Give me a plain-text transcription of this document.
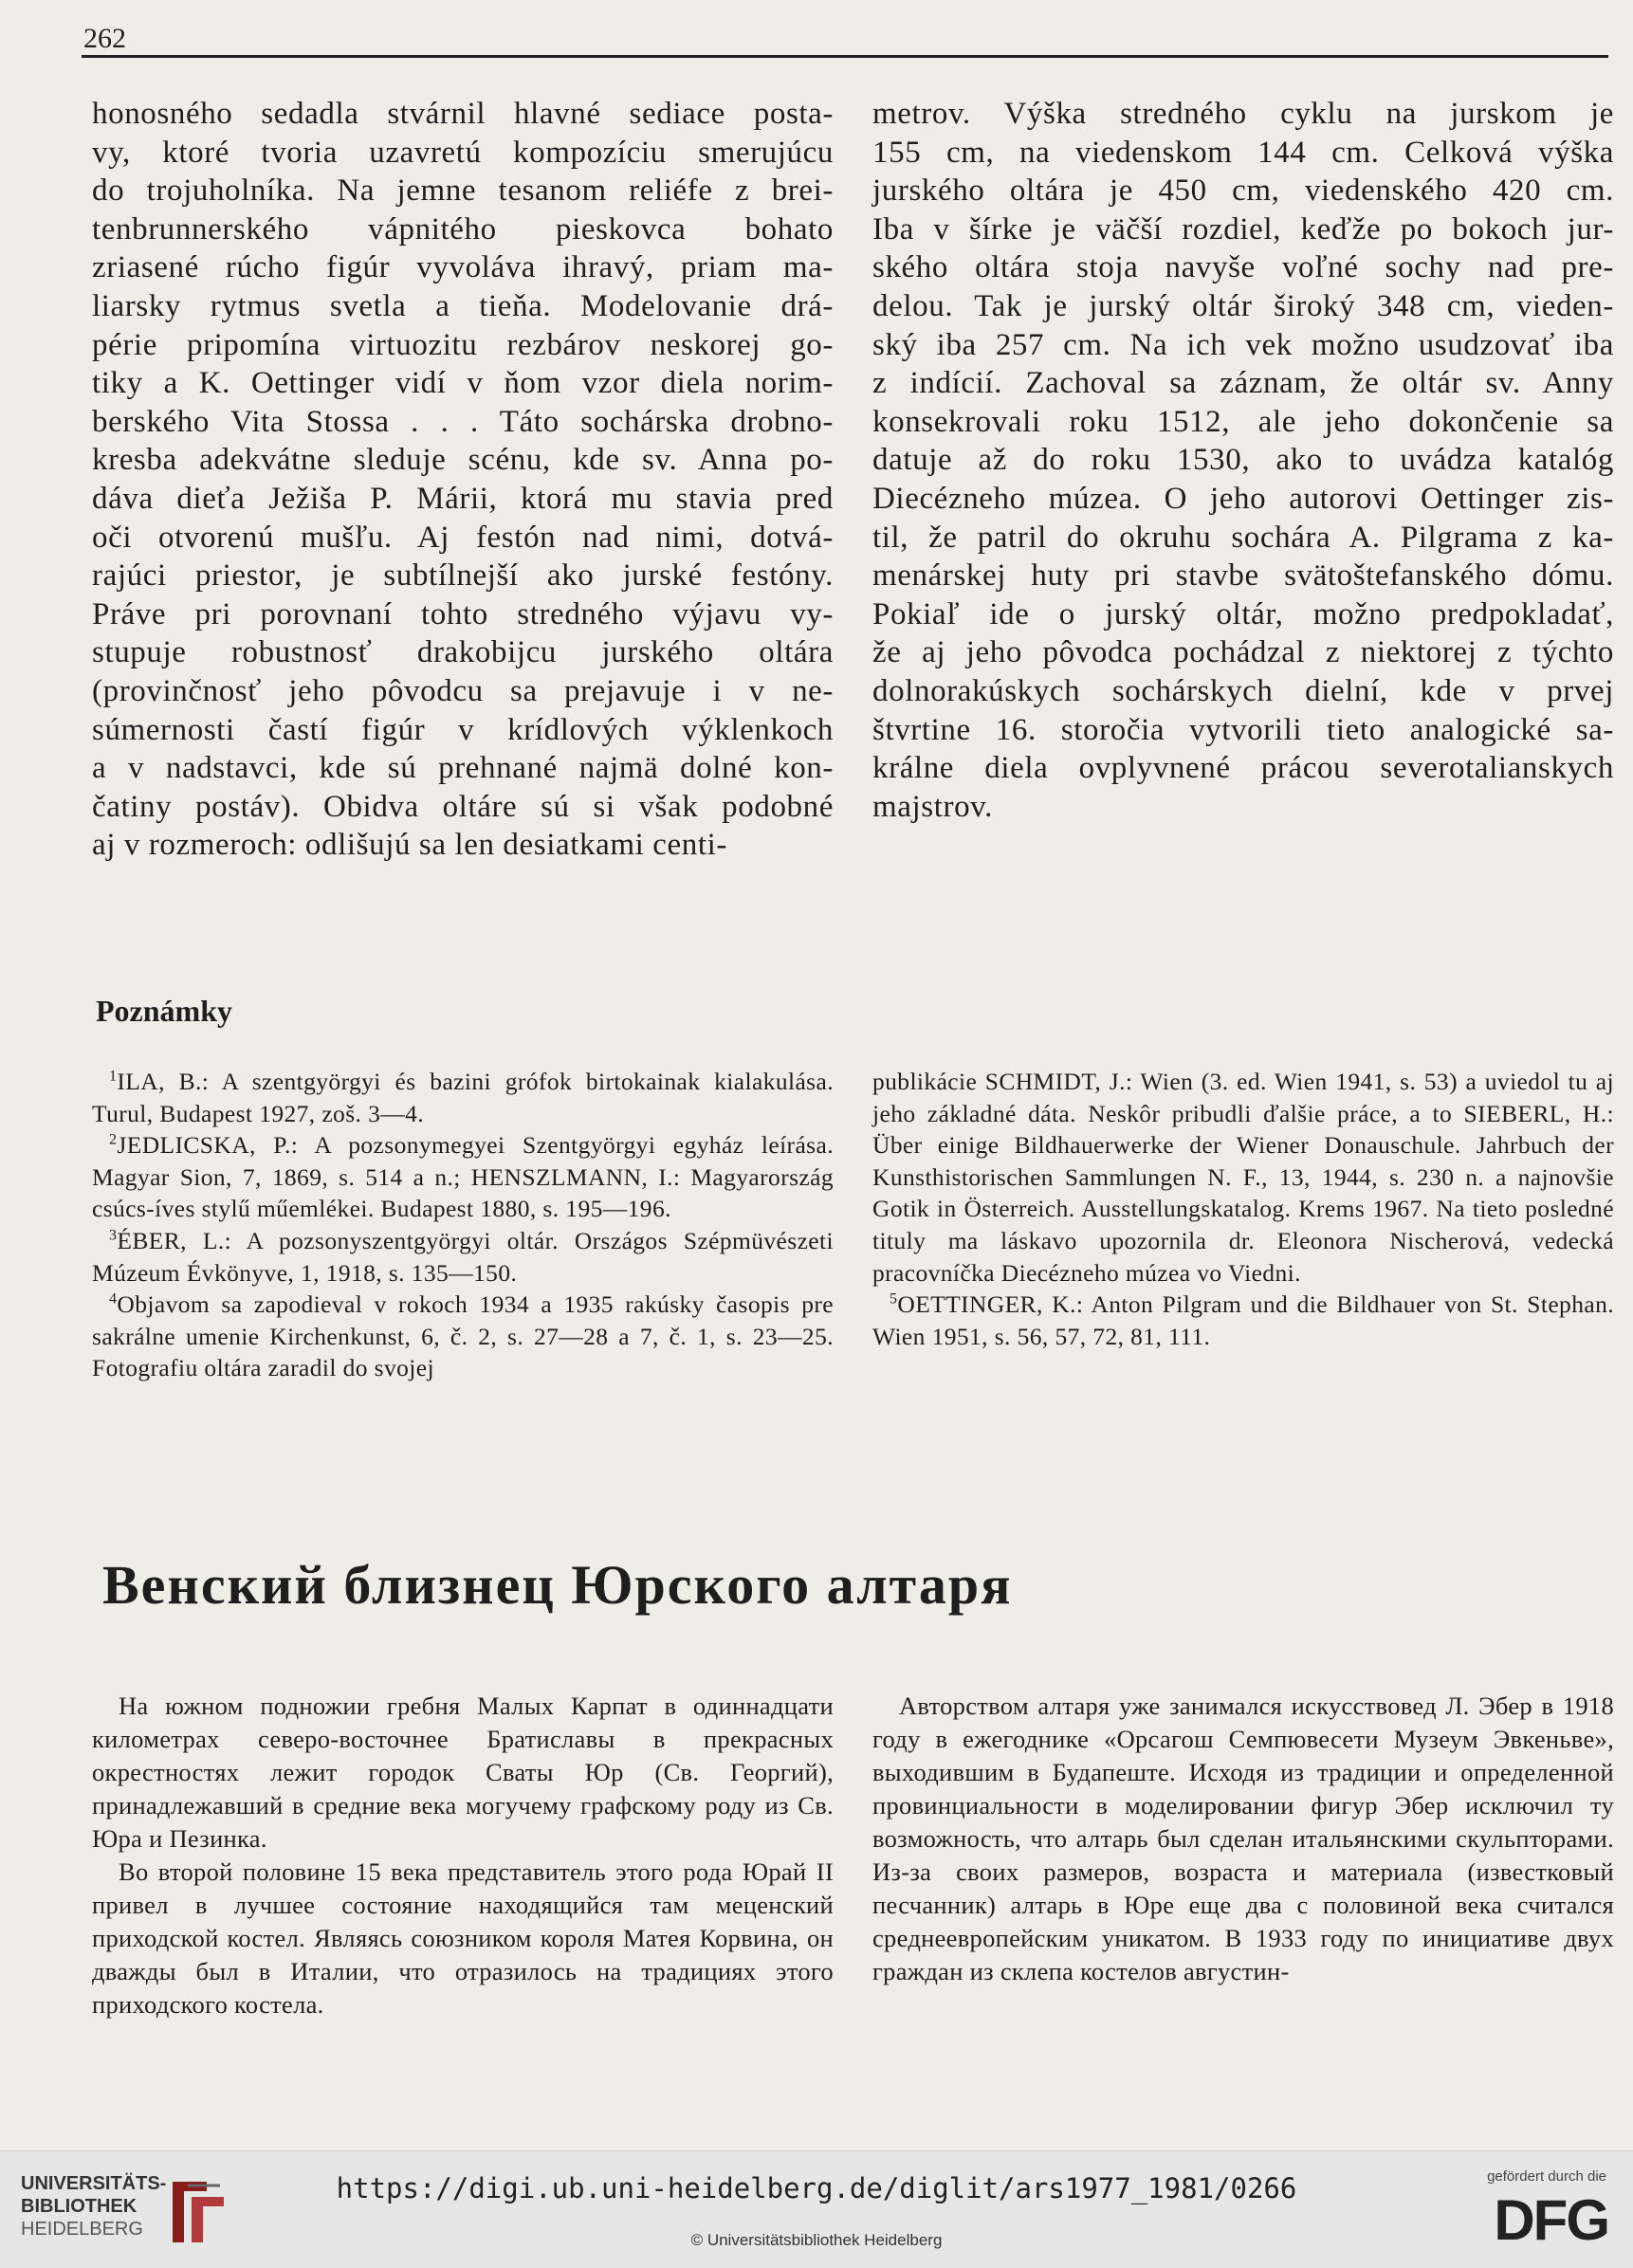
262

honosného sedadla stvárnil hlavné sediace posta-

vy, ktoré tvoria uzavretú kompozíciu smerujúcu

do trojuholníka. Na jemne tesanom reliéfe z brei-

tenbrunnerského vápnitého pieskovca bohato

zriasené rúcho figúr vyvoláva ihravý, priam ma-

liarsky rytmus svetla a tieňa. Modelovanie drá-

périe pripomína virtuozitu rezbárov neskorej go-

tiky a K. Oettinger vidí v ňom vzor diela norim-

berského Vita Stossa . . . Táto sochárska drobno-

kresba adekvátne sleduje scénu, kde sv. Anna po-

dáva dieťa Ježiša P. Márii, ktorá mu stavia pred

oči otvorenú mušľu. Aj festón nad nimi, dotvá-

rajúci priestor, je subtílnejší ako jurské festóny.

Práve pri porovnaní tohto stredného výjavu vy-

stupuje robustnosť drakobijcu jurského oltára

(provinčnosť jeho pôvodcu sa prejavuje i v ne-

súmernosti častí figúr v krídlových výklenkoch

a v nadstavci, kde sú prehnané najmä dolné kon-

čatiny postáv). Obidva oltáre sú si však podobné

aj v rozmeroch: odlišujú sa len desiatkami centi-

metrov. Výška stredného cyklu na jurskom je

155 cm, na viedenskom 144 cm. Celková výška

jurského oltára je 450 cm, viedenského 420 cm.

Iba v šírke je väčší rozdiel, keďže po bokoch jur-

ského oltára stoja navyše voľné sochy nad pre-

delou. Tak je jurský oltár široký 348 cm, vieden-

ský iba 257 cm. Na ich vek možno usudzovať iba

z indícií. Zachoval sa záznam, že oltár sv. Anny

konsekrovali roku 1512, ale jeho dokončenie sa

datuje až do roku 1530, ako to uvádza katalóg

Diecézneho múzea. O jeho autorovi Oettinger zis-

til, že patril do okruhu sochára A. Pilgrama z ka-

menárskej huty pri stavbe svätoštefanského dómu.

Pokiaľ ide o jurský oltár, možno predpokladať,

že aj jeho pôvodca pochádzal z niektorej z týchto

dolnorakúskych sochárskych dielní, kde v prvej

štvrtine 16. storočia vytvorili tieto analogické sa-

králne diela ovplyvnené prácou severotalianskych

majstrov.

Poznámky

$^1$ILA, B.: A szentgyörgyi és bazini grófok birtokainak kialakulása. Turul, Budapest 1927, zoš. 3—4.

$^2$JEDLICSKA, P.: A pozsonymegyei Szentgyörgyi egyház leírása. Magyar Sion, 7, 1869, s. 514 a n.; HENSZLMANN, I.: Magyarország csúcs-íves stylű műemlékei. Budapest 1880, s. 195—196.

$^3$ÉBER, L.: A pozsonyszentgyörgyi oltár. Országos Szépmüvészeti Múzeum Évkönyve, 1, 1918, s. 135—150.

$^4$Objavom sa zapodieval v rokoch 1934 a 1935 rakúsky časopis pre sakrálne umenie Kirchenkunst, 6, č. 2, s. 27—28 a 7, č. 1, s. 23—25. Fotografiu oltára zaradil do svojej

publikácie SCHMIDT, J.: Wien (3. ed. Wien 1941, s. 53) a uviedol tu aj jeho základné dáta. Neskôr pribudli ďalšie práce, a to SIEBERL, H.: Über einige Bildhauerwerke der Wiener Donauschule. Jahrbuch der Kunsthistorischen Sammlungen N. F., 13, 1944, s. 230 n. a najnovšie Gotik in Österreich. Ausstellungskatalog. Krems 1967. Na tieto posledné tituly ma láskavo upozornila dr. Eleonora Nischerová, vedecká pracovníčka Diecézneho múzea vo Viedni.

$^5$OETTINGER, K.: Anton Pilgram und die Bildhauer von St. Stephan. Wien 1951, s. 56, 57, 72, 81, 111.

Венский близнец Юрского алтаря

На южном подножии гребня Малых Карпат в одиннадцати километрах северо-восточнее Братиславы в прекрасных окрестностях лежит городок Сваты Юр (Св. Георгий), принадлежавший в средние века могучему графскому роду из Св. Юра и Пезинка.

Во второй половине 15 века представитель этого рода Юрай II привел в лучшее состояние находящийся там меценский приходской костел. Являясь союзником короля Матея Корвина, он дважды был в Италии, что отразилось на традициях этого приходского костела.

Авторством алтаря уже занимался искусствовед Л. Эбер в 1918 году в ежегоднике «Орсагош Семпювесети Музеум Эвкеньве», выходившим в Будапеште. Исходя из традиции и определенной провинциальности в моделировании фигур Эбер исключил ту возможность, что алтарь был сделан итальянскими скульпторами. Из-за своих размеров, возраста и материала (известковый песчанник) алтарь в Юре еще два с половиной века считался среднеевропейским уникатом. В 1933 году по инициативе двух граждан из склепа костелов августин-

UNIVERSITÄTS-
BIBLIOTHEK
HEIDELBERG
https://digi.ub.uni-heidelberg.de/diglit/ars1977_1981/0266
© Universitätsbibliothek Heidelberg
gefördert durch die
DFG
